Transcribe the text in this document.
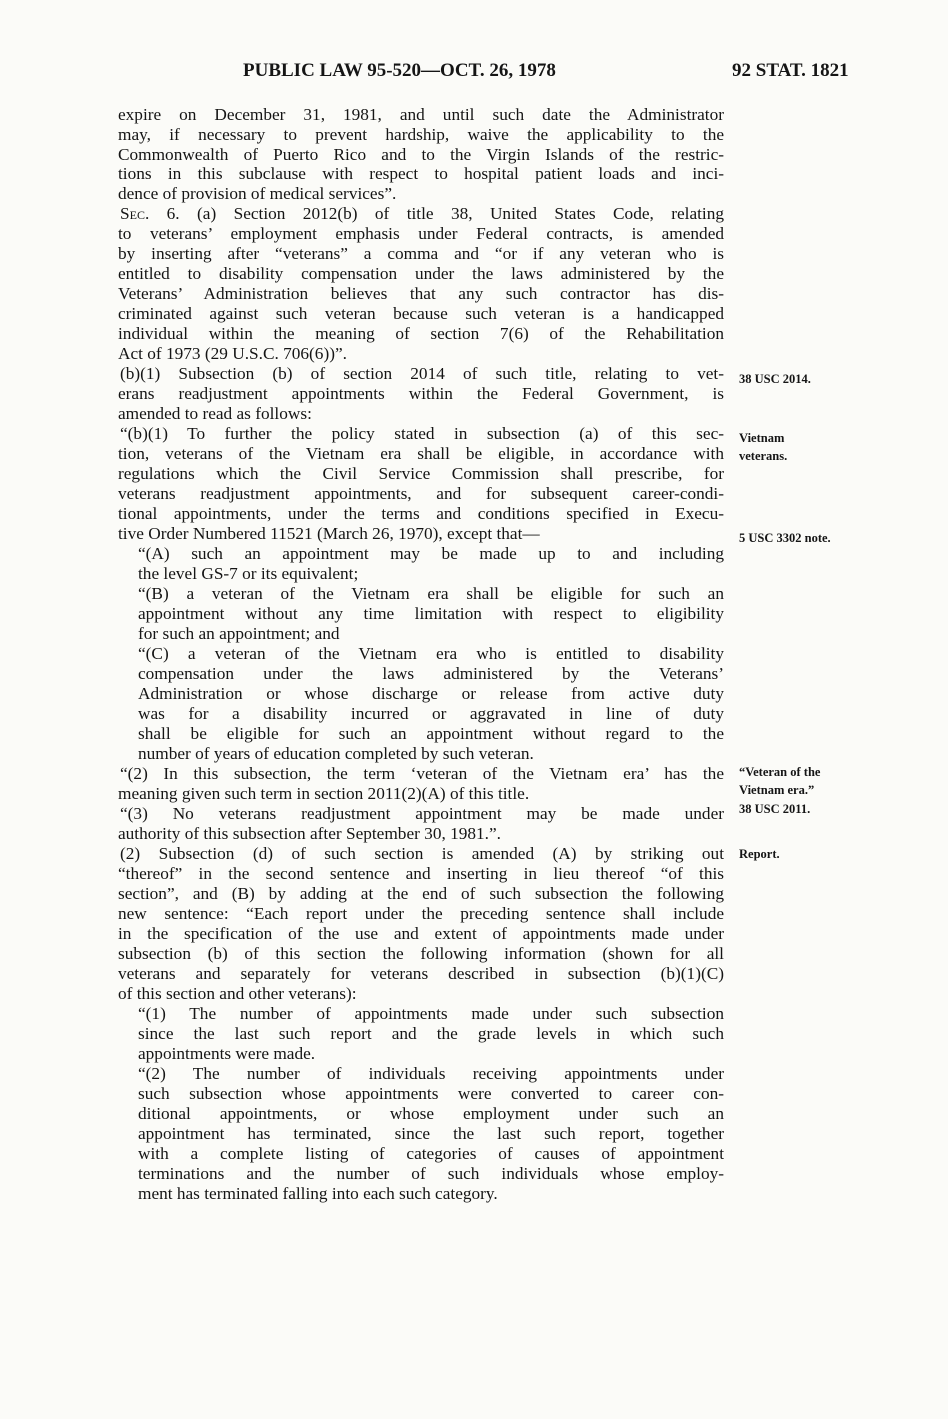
PUBLIC LAW 95-520—OCT. 26, 1978	92 STAT. 1821
expire on December 31, 1981, and until such date the Administrator
may, if necessary to prevent hardship, waive the applicability to the
Commonwealth of Puerto Rico and to the Virgin Islands of the restric-
tions in this subclause with respect to hospital patient loads and inci-
dence of provision of medical services”.
Sec. 6. (a) Section 2012(b) of title 38, United States Code, relating
to veterans’ employment emphasis under Federal contracts, is amended
by inserting after “veterans” a comma and “or if any veteran who is
entitled to disability compensation under the laws administered by the
Veterans’ Administration believes that any such contractor has dis-
criminated against such veteran because such veteran is a handicapped
individual within the meaning of section 7(6) of the Rehabilitation
Act of 1973 (29 U.S.C. 706(6))”.
(b)(1) Subsection (b) of section 2014 of such title, relating to vet-
erans readjustment appointments within the Federal Government, is
amended to read as follows:
“(b)(1) To further the policy stated in subsection (a) of this sec-
tion, veterans of the Vietnam era shall be eligible, in accordance with
regulations which the Civil Service Commission shall prescribe, for
veterans readjustment appointments, and for subsequent career-condi-
tional appointments, under the terms and conditions specified in Execu-
tive Order Numbered 11521 (March 26, 1970), except that—
“(A) such an appointment may be made up to and including
the level GS-7 or its equivalent;
“(B) a veteran of the Vietnam era shall be eligible for such an
appointment without any time limitation with respect to eligibility
for such an appointment; and
“(C) a veteran of the Vietnam era who is entitled to disability
compensation under the laws administered by the Veterans’
Administration or whose discharge or release from active duty
was for a disability incurred or aggravated in line of duty
shall be eligible for such an appointment without regard to the
number of years of education completed by such veteran.
“(2) In this subsection, the term ‘veteran of the Vietnam era’ has the
meaning given such term in section 2011(2)(A) of this title.
“(3) No veterans readjustment appointment may be made under
authority of this subsection after September 30, 1981.”.
(2) Subsection (d) of such section is amended (A) by striking out
“thereof” in the second sentence and inserting in lieu thereof “of this
section”, and (B) by adding at the end of such subsection the following
new sentence: “Each report under the preceding sentence shall include
in the specification of the use and extent of appointments made under
subsection (b) of this section the following information (shown for all
veterans and separately for veterans described in subsection (b)(1)(C)
of this section and other veterans):
“(1) The number of appointments made under such subsection
since the last such report and the grade levels in which such
appointments were made.
“(2) The number of individuals receiving appointments under
such subsection whose appointments were converted to career con-
ditional appointments, or whose employment under such an
appointment has terminated, since the last such report, together
with a complete listing of categories of causes of appointment
terminations and the number of such individuals whose employ-
ment has terminated falling into each such category.
38 USC 2014.
Vietnam
veterans.
5 USC 3302 note.
“Veteran of the
Vietnam era.”
38 USC 2011.
Report.
